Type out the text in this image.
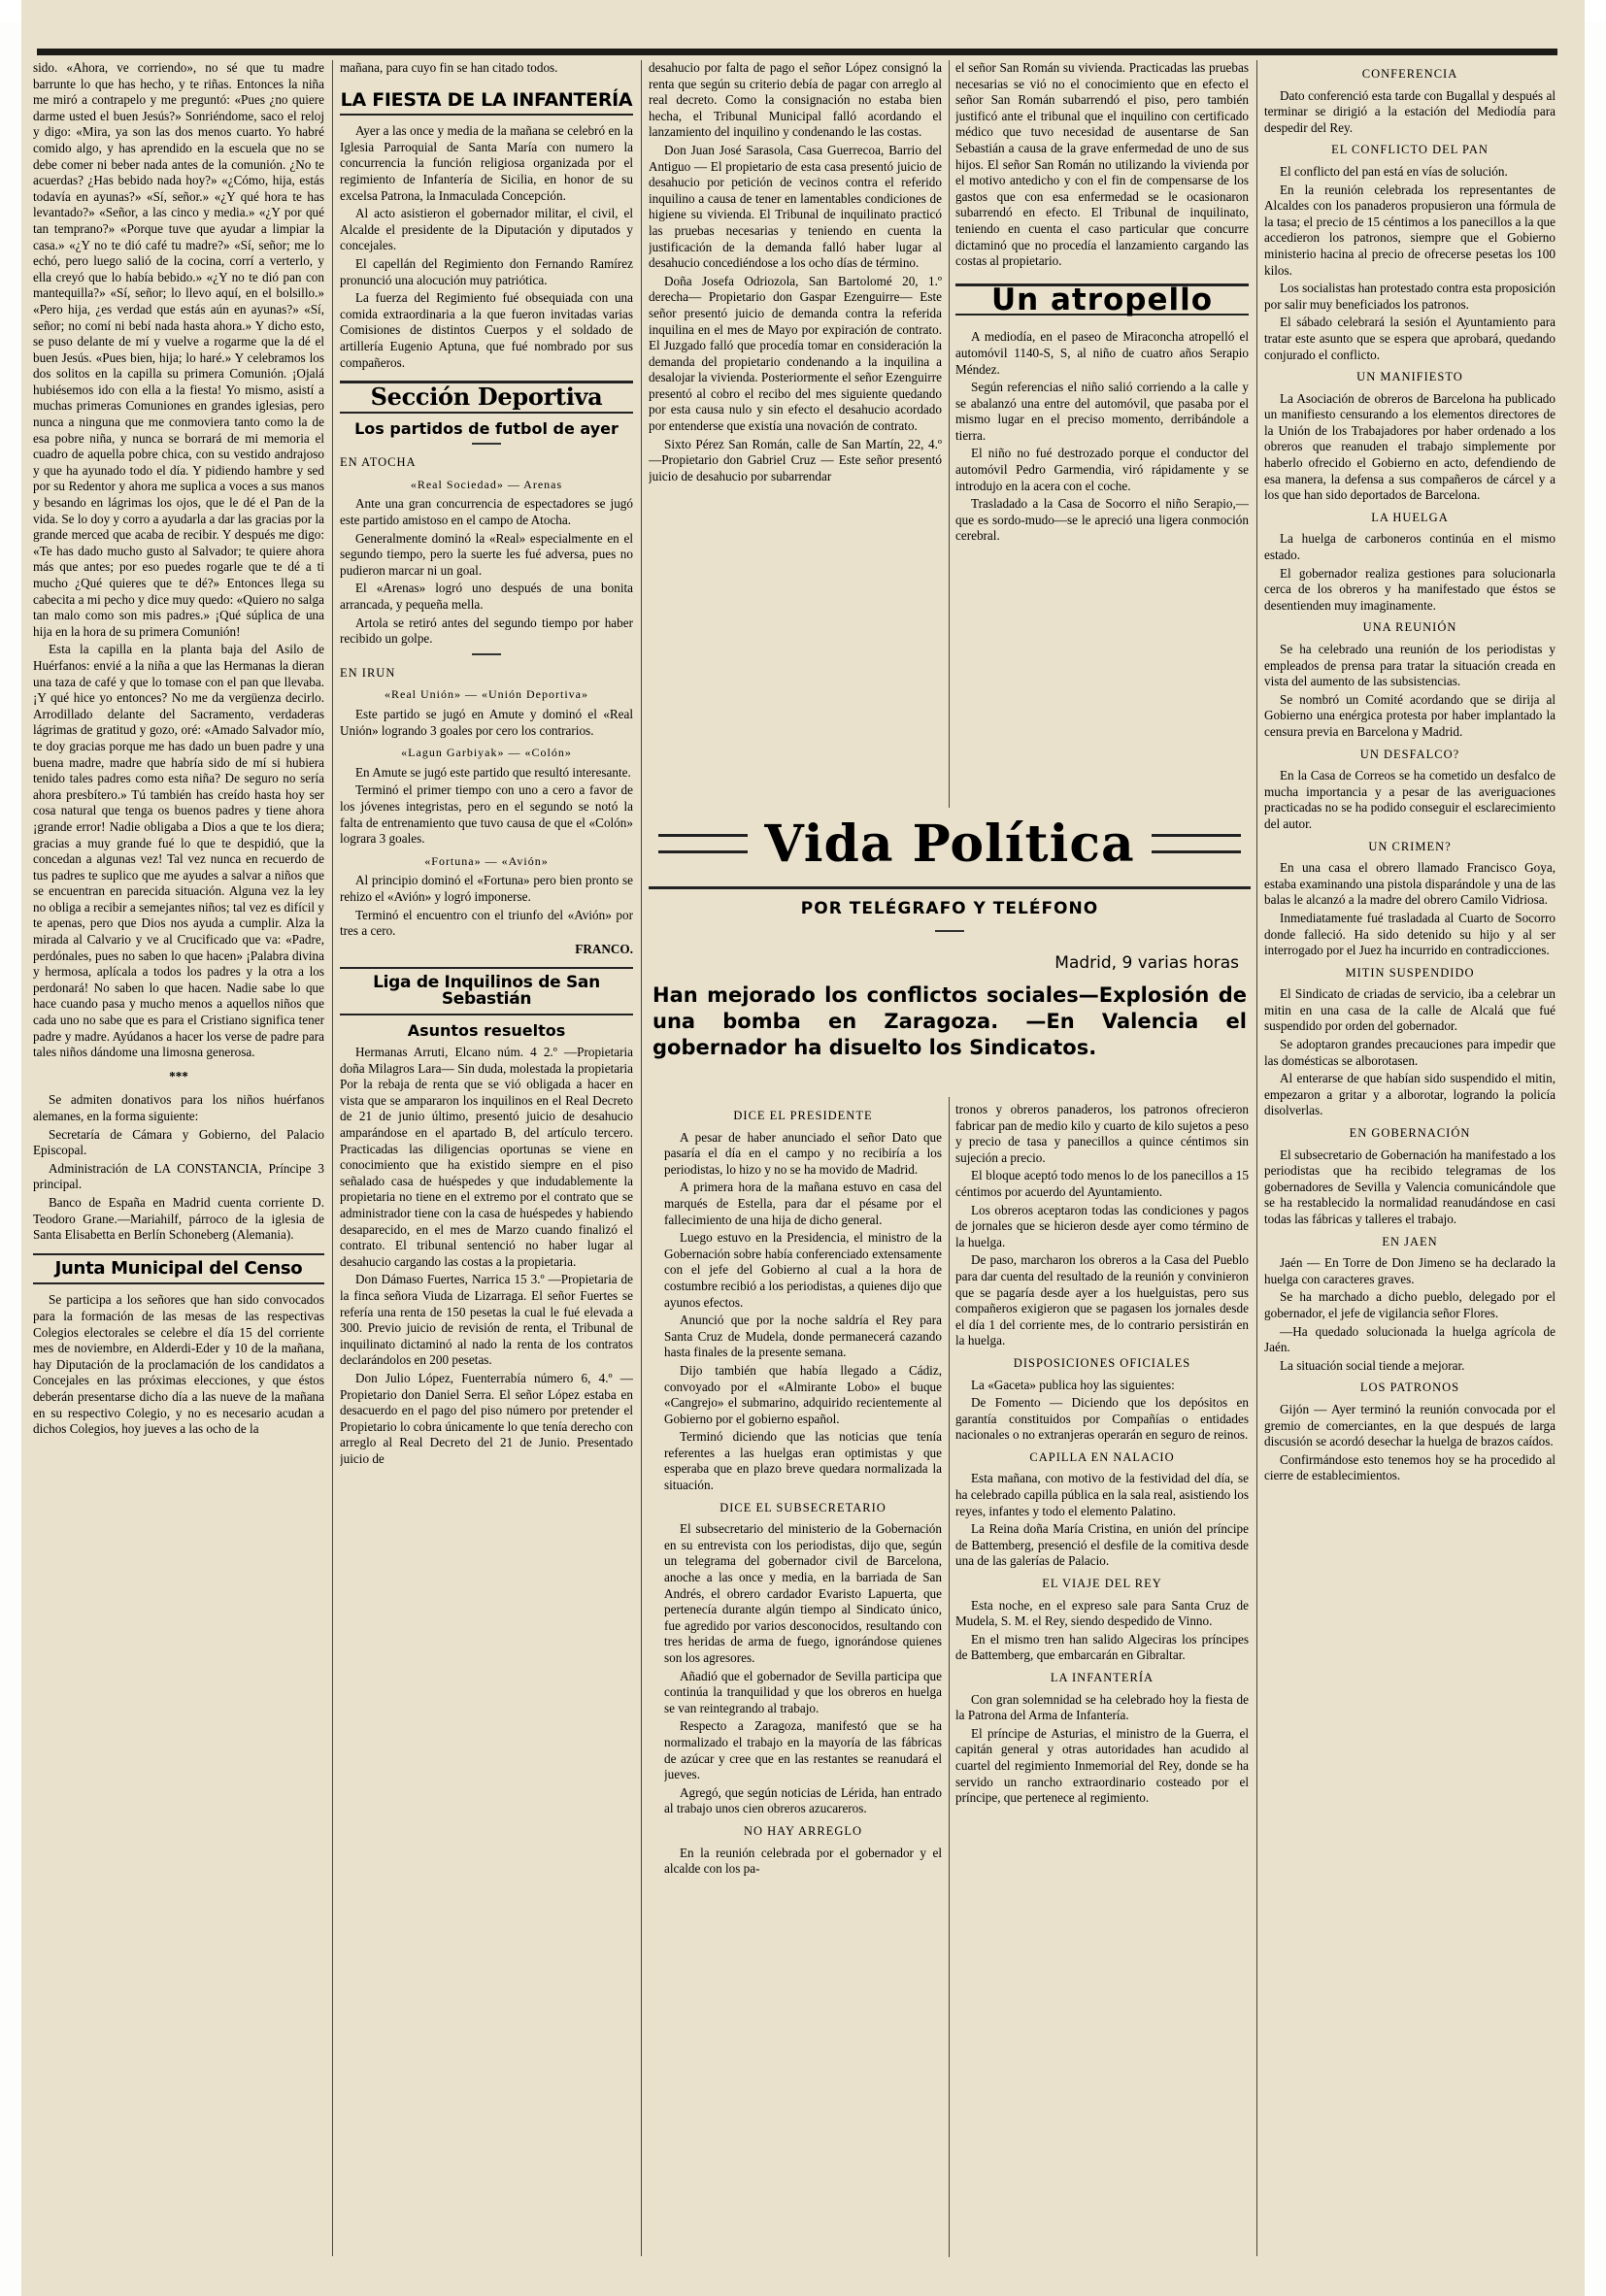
sido. «Ahora, ve corriendo», no sé que tu madre barrunte lo que has hecho, y te riñas. Entonces la niña me miró a contrapelo y me preguntó: «Pues ¿no quiere darme usted el buen Jesús?» Sonriéndome, saco el reloj y digo: «Mira, ya son las dos menos cuarto. Yo habré comido algo, y has aprendido en la escuela que no se debe comer ni beber nada antes de la comunión. ¿No te acuerdas? ¿Has bebido nada hoy?» «¿Cómo, hija, estás todavía en ayunas?» «Sí, señor.» «¿Y qué hora te has levantado?» «Señor, a las cinco y media.» «¿Y por qué tan temprano?» «Porque tuve que ayudar a limpiar la casa.» «¿Y no te dió café tu madre?» «Sí, señor; me lo echó, pero luego salió de la cocina, corrí a verterlo, y ella creyó que lo había bebido.» «¿Y no te dió pan con mantequilla?» «Sí, señor; lo llevo aquí, en el bolsillo.» «Pero hija, ¿es verdad que estás aún en ayunas?» «Sí, señor; no comí ni bebí nada hasta ahora.» Y dicho esto, se puso delante de mí y vuelve a rogarme que la dé el buen Jesús. «Pues bien, hija; lo haré.» Y celebramos los dos solitos en la capilla su primera Comunión. ¡Ojalá hubiésemos ido con ella a la fiesta! Yo mismo, asistí a muchas primeras Comuniones en grandes iglesias, pero nunca a ninguna que me conmoviera tanto como la de esa pobre niña, y nunca se borrará de mi memoria el cuadro de aquella pobre chica, con su vestido andrajoso y que ha ayunado todo el día. Y pidiendo hambre y sed por su Redentor y ahora me suplica a voces a sus manos y besando en lágrimas los ojos, que le dé el Pan de la vida. Se lo doy y corro a ayudarla a dar las gracias por la grande merced que acaba de recibir. Y después me digo: «Te has dado mucho gusto al Salvador; te quiere ahora más que antes; por eso puedes rogarle que te dé a ti mucho ¿Qué quieres que te dé?» Entonces llega su cabecita a mi pecho y dice muy quedo: «Quiero no salga tan malo como son mis padres.» ¡Qué súplica de una hija en la hora de su primera Comunión!

Esta la capilla en la planta baja del Asilo de Huérfanos: envié a la niña a que las Hermanas la dieran una taza de café y que lo tomase con el pan que llevaba. ¡Y qué hice yo entonces? No me da vergüenza decirlo. Arrodillado delante del Sacramento, verdaderas lágrimas de gratitud y gozo, oré: «Amado Salvador mío, te doy gracias porque me has dado un buen padre y una buena madre, madre que habría sido de mí si hubiera tenido tales padres como esta niña? De seguro no sería ahora presbítero.» Tú también has creído hasta hoy ser cosa natural que tenga os buenos padres y tiene ahora ¡grande error! Nadie obligaba a Dios a que te los diera; gracias a muy grande fué lo que te despidió, que la concedan a algunas vez! Tal vez nunca en recuerdo de tus padres te suplico que me ayudes a salvar a niños que se encuentran en parecida situación. Alguna vez la ley no obliga a recibir a semejantes niños; tal vez es difícil y te apenas, pero que Dios nos ayuda a cumplir. Alza la mirada al Calvario y ve al Crucificado que va: «Padre, perdónales, pues no saben lo que hacen» ¡Palabra divina y hermosa, aplícala a todos los padres y la otra a los perdonará! No saben lo que hacen. Nadie sabe lo que hace cuando pasa y mucho menos a aquellos niños que cada uno no sabe que es para el Cristiano significa tener padre y madre. Ayúdanos a hacer los verse de padre para tales niños dándome una limosna generosa.

***

Se admiten donativos para los niños huérfanos alemanes, en la forma siguiente:

Secretaría de Cámara y Gobierno, del Palacio Episcopal.

Administración de LA CONSTANCIA, Príncipe 3 principal.

Banco de España en Madrid cuenta corriente D. Teodoro Grane.—Mariahilf, párroco de la iglesia de Santa Elisabetta en Berlín Schoneberg (Alemania).

Junta Municipal del Censo

Se participa a los señores que han sido convocados para la formación de las mesas de las respectivas Colegios electorales se celebre el día 15 del corriente mes de noviembre, en Alderdi-Eder y 10 de la mañana, hay Diputación de la proclamación de los candidatos a Concejales en las próximas elecciones, y que éstos deberán presentarse dicho día a las nueve de la mañana en su respectivo Colegio, y no es necesario acudan a dichos Colegios, hoy jueves a las ocho de la

mañana, para cuyo fin se han citado todos.

LA FIESTA DE LA INFANTERÍA

Ayer a las once y media de la mañana se celebró en la Iglesia Parroquial de Santa María con numero la concurrencia la función religiosa organizada por el regimiento de Infantería de Sicilia, en honor de su excelsa Patrona, la Inmaculada Concepción.

Al acto asistieron el gobernador militar, el civil, el Alcalde el presidente de la Diputación y diputados y concejales.

El capellán del Regimiento don Fernando Ramírez pronunció una alocución muy patriótica.

La fuerza del Regimiento fué obsequiada con una comida extraordinaria a la que fueron invitadas varias Comisiones de distintos Cuerpos y el soldado de artillería Eugenio Aptuna, que fué nombrado por sus compañeros.

Sección Deportiva
Los partidos de futbol de ayer
EN ATOCHA
«Real Sociedad» — Arenas

Ante una gran concurrencia de espectadores se jugó este partido amistoso en el campo de Atocha.

Generalmente dominó la «Real» especialmente en el segundo tiempo, pero la suerte les fué adversa, pues no pudieron marcar ni un goal.

El «Arenas» logró uno después de una bonita arrancada, y pequeña mella.

Artola se retiró antes del segundo tiempo por haber recibido un golpe.

EN IRUN
«Real Unión» — «Unión Deportiva»

Este partido se jugó en Amute y dominó el «Real Unión» logrando 3 goales por cero los contrarios.

«Lagun Garbiyak» — «Colón»

En Amute se jugó este partido que resultó interesante.

Terminó el primer tiempo con uno a cero a favor de los jóvenes integristas, pero en el segundo se notó la falta de entrenamiento que tuvo causa de que el «Colón» lograra 3 goales.

«Fortuna» — «Avión»

Al principio dominó el «Fortuna» pero bien pronto se rehizo el «Avión» y logró imponerse.

Terminó el encuentro con el triunfo del «Avión» por tres a cero.

FRANCO.
Liga de Inquilinos de San Sebastián
Asuntos resueltos

Hermanas Arruti, Elcano núm. 4 2.º —Propietaria doña Milagros Lara— Sin duda, molestada la propietaria Por la rebaja de renta que se vió obligada a hacer en vista que se ampararon los inquilinos en el Real Decreto de 21 de junio último, presentó juicio de desahucio amparándose en el apartado B, del artículo tercero. Practicadas las diligencias oportunas se viene en conocimiento que ha existido siempre en el piso señalado casa de huéspedes y que indudablemente la propietaria no tiene en el extremo por el contrato que se administrador tiene con la casa de huéspedes y habiendo desaparecido, en el mes de Marzo cuando finalizó el contrato. El tribunal sentenció no haber lugar al desahucio cargando las costas a la propietaria.

Don Dámaso Fuertes, Narrica 15 3.º —Propietaria de la finca señora Viuda de Lizarraga. El señor Fuertes se refería una renta de 150 pesetas la cual le fué elevada a 300. Previo juicio de revisión de renta, el Tribunal de inquilinato dictaminó al nado la renta de los contratos declarándolos en 200 pesetas.

Don Julio López, Fuenterrabía número 6, 4.º — Propietario don Daniel Serra. El señor López estaba en desacuerdo en el pago del piso número por pretender el Propietario lo cobra únicamente lo que tenía derecho con arreglo al Real Decreto del 21 de Junio. Presentado juicio de

desahucio por falta de pago el señor López consignó la renta que según su criterio debía de pagar con arreglo al real decreto. Como la consignación no estaba bien hecha, el Tribunal Municipal falló acordando el lanzamiento del inquilino y condenando le las costas.

Don Juan José Sarasola, Casa Guerrecoa, Barrio del Antiguo — El propietario de esta casa presentó juicio de desahucio por petición de vecinos contra el referido inquilino a causa de tener en lamentables condiciones de higiene su vivienda. El Tribunal de inquilinato practicó las pruebas necesarias y teniendo en cuenta la justificación de la demanda falló haber lugar al desahucio concediéndose a los ocho días de término.

Doña Josefa Odriozola, San Bartolomé 20, 1.º derecha— Propietario don Gaspar Ezenguirre— Este señor presentó juicio de demanda contra la referida inquilina en el mes de Mayo por expiración de contrato. El Juzgado falló que procedía tomar en consideración la demanda del propietario condenando a la inquilina a desalojar la vivienda. Posteriormente el señor Ezenguirre presentó al cobro el recibo del mes siguiente quedando por esta causa nulo y sin efecto el desahucio acordado por entenderse que existía una novación de contrato.

Sixto Pérez San Román, calle de San Martín, 22, 4.º—Propietario don Gabriel Cruz — Este señor presentó juicio de desahucio por subarrendar

el señor San Román su vivienda. Practicadas las pruebas necesarias se vió no el conocimiento que en efecto el señor San Román subarrendó el piso, pero también justificó ante el tribunal que el inquilino con certificado médico que tuvo necesidad de ausentarse de San Sebastián a causa de la grave enfermedad de uno de sus hijos. El señor San Román no utilizando la vivienda por el motivo antedicho y con el fin de compensarse de los gastos que con esa enfermedad se le ocasionaron subarrendó en efecto. El Tribunal de inquilinato, teniendo en cuenta el caso particular que concurre dictaminó que no procedía el lanzamiento cargando las costas al propietario.

Un atropello

A mediodía, en el paseo de Miraconcha atropelló el automóvil 1140-S, S, al niño de cuatro años Serapio Méndez.

Según referencias el niño salió corriendo a la calle y se abalanzó una entre del automóvil, que pasaba por el mismo lugar en el preciso momento, derribándole a tierra.

El niño no fué destrozado porque el conductor del automóvil Pedro Garmendia, viró rápidamente y se introdujo en la acera con el coche.

Trasladado a la Casa de Socorro el niño Serapio,—que es sordo-mudo—se le apreció una ligera conmoción cerebral.

Vida Política
POR TELÉGRAFO Y TELÉFONO
Madrid, 9 varias horas
Han mejorado los conflictos sociales—Explosión de una bomba en Zaragoza. —En Valencia el gobernador ha disuelto los Sindicatos.
DICE EL PRESIDENTE

A pesar de haber anunciado el señor Dato que pasaría el día en el campo y no recibiría a los periodistas, lo hizo y no se ha movido de Madrid.

A primera hora de la mañana estuvo en casa del marqués de Estella, para dar el pésame por el fallecimiento de una hija de dicho general.

Luego estuvo en la Presidencia, el ministro de la Gobernación sobre había conferenciado extensamente con el jefe del Gobierno al cual a la hora de costumbre recibió a los periodistas, a quienes dijo que ayunos efectos.

Anunció que por la noche saldría el Rey para Santa Cruz de Mudela, donde permanecerá cazando hasta finales de la presente semana.

Dijo también que había llegado a Cádiz, convoyado por el «Almirante Lobo» el buque «Cangrejo» el submarino, adquirido recientemente al Gobierno por el gobierno español.

Terminó diciendo que las noticias que tenía referentes a las huelgas eran optimistas y que esperaba que en plazo breve quedara normalizada la situación.

DICE EL SUBSECRETARIO

El subsecretario del ministerio de la Gobernación en su entrevista con los periodistas, dijo que, según un telegrama del gobernador civil de Barcelona, anoche a las once y media, en la barriada de San Andrés, el obrero cardador Evaristo Lapuerta, que pertenecía durante algún tiempo al Sindicato único, fue agredido por varios desconocidos, resultando con tres heridas de arma de fuego, ignorándose quienes son los agresores.

Añadió que el gobernador de Sevilla participa que continúa la tranquilidad y que los obreros en huelga se van reintegrando al trabajo.

Respecto a Zaragoza, manifestó que se ha normalizado el trabajo en la mayoría de las fábricas de azúcar y cree que en las restantes se reanudará el jueves.

Agregó, que según noticias de Lérida, han entrado al trabajo unos cien obreros azucareros.

NO HAY ARREGLO

En la reunión celebrada por el gobernador y el alcalde con los pa-

tronos y obreros panaderos, los patronos ofrecieron fabricar pan de medio kilo y cuarto de kilo sujetos a peso y precio de tasa y panecillos a quince céntimos sin sujeción a precio.

El bloque aceptó todo menos lo de los panecillos a 15 céntimos por acuerdo del Ayuntamiento.

Los obreros aceptaron todas las condiciones y pagos de jornales que se hicieron desde ayer como término de la huelga.

De paso, marcharon los obreros a la Casa del Pueblo para dar cuenta del resultado de la reunión y convinieron que se pagaría desde ayer a los huelguistas, pero sus compañeros exigieron que se pagasen los jornales desde el día 1 del corriente mes, de lo contrario persistirán en la huelga.

DISPOSICIONES OFICIALES

La «Gaceta» publica hoy las siguientes:

De Fomento — Diciendo que los depósitos en garantía constituidos por Compañías o entidades nacionales o no extranjeras operarán en seguro de reinos.

CAPILLA EN NALACIO

Esta mañana, con motivo de la festividad del día, se ha celebrado capilla pública en la sala real, asistiendo los reyes, infantes y todo el elemento Palatino.

La Reina doña María Cristina, en unión del príncipe de Battemberg, presenció el desfile de la comitiva desde una de las galerías de Palacio.

EL VIAJE DEL REY

Esta noche, en el expreso sale para Santa Cruz de Mudela, S. M. el Rey, siendo despedido de Vinno.

En el mismo tren han salido Algeciras los príncipes de Battemberg, que embarcarán en Gibraltar.

LA INFANTERÍA

Con gran solemnidad se ha celebrado hoy la fiesta de la Patrona del Arma de Infantería.

El príncipe de Asturias, el ministro de la Guerra, el capitán general y otras autoridades han acudido al cuartel del regimiento Inmemorial del Rey, donde se ha servido un rancho extraordinario costeado por el príncipe, que pertenece al regimiento.

CONFERENCIA

Dato conferenció esta tarde con Bugallal y después al terminar se dirigió a la estación del Mediodía para despedir del Rey.

EL CONFLICTO DEL PAN

El conflicto del pan está en vías de solución.

En la reunión celebrada los representantes de Alcaldes con los panaderos propusieron una fórmula de la tasa; el precio de 15 céntimos a los panecillos a la que accedieron los patronos, siempre que el Gobierno ministerio hacina al precio de ofrecerse pesetas los 100 kilos.

Los socialistas han protestado contra esta proposición por salir muy beneficiados los patronos.

El sábado celebrará la sesión el Ayuntamiento para tratar este asunto que se espera que aprobará, quedando conjurado el conflicto.

UN MANIFIESTO

La Asociación de obreros de Barcelona ha publicado un manifiesto censurando a los elementos directores de la Unión de los Trabajadores por haber ordenado a los obreros que reanuden el trabajo simplemente por haberlo ofrecido el Gobierno en acto, defendiendo de esa manera, la defensa a sus compañeros de cárcel y a los que han sido deportados de Barcelona.

LA HUELGA

La huelga de carboneros continúa en el mismo estado.

El gobernador realiza gestiones para solucionarla cerca de los obreros y ha manifestado que éstos se desentienden muy imaginamente.

UNA REUNIÓN

Se ha celebrado una reunión de los periodistas y empleados de prensa para tratar la situación creada en vista del aumento de las subsistencias.

Se nombró un Comité acordando que se dirija al Gobierno una enérgica protesta por haber implantado la censura previa en Barcelona y Madrid.

UN DESFALCO?

En la Casa de Correos se ha cometido un desfalco de mucha importancia y a pesar de las averiguaciones practicadas no se ha podido conseguir el esclarecimiento del autor.

UN CRIMEN?

En una casa el obrero llamado Francisco Goya, estaba examinando una pistola disparándole y una de las balas le alcanzó a la madre del obrero Camilo Vidriosa.

Inmediatamente fué trasladada al Cuarto de Socorro donde falleció. Ha sido detenido su hijo y al ser interrogado por el Juez ha incurrido en contradicciones.

MITIN SUSPENDIDO

El Sindicato de criadas de servicio, iba a celebrar un mitin en una casa de la calle de Alcalá que fué suspendido por orden del gobernador.

Se adoptaron grandes precauciones para impedir que las domésticas se alborotasen.

Al enterarse de que habían sido suspendido el mitin, empezaron a gritar y a alborotar, logrando la policía disolverlas.

EN GOBERNACIÓN

El subsecretario de Gobernación ha manifestado a los periodistas que ha recibido telegramas de los gobernadores de Sevilla y Valencia comunicándole que se ha restablecido la normalidad reanudándose en casi todas las fábricas y talleres el trabajo.

EN JAEN

Jaén — En Torre de Don Jimeno se ha declarado la huelga con caracteres graves.

Se ha marchado a dicho pueblo, delegado por el gobernador, el jefe de vigilancia señor Flores.

—Ha quedado solucionada la huelga agrícola de Jaén.

La situación social tiende a mejorar.

LOS PATRONOS

Gijón — Ayer terminó la reunión convocada por el gremio de comerciantes, en la que después de larga discusión se acordó desechar la huelga de brazos caídos.

Confirmándose esto tenemos hoy se ha procedido al cierre de establecimientos.
